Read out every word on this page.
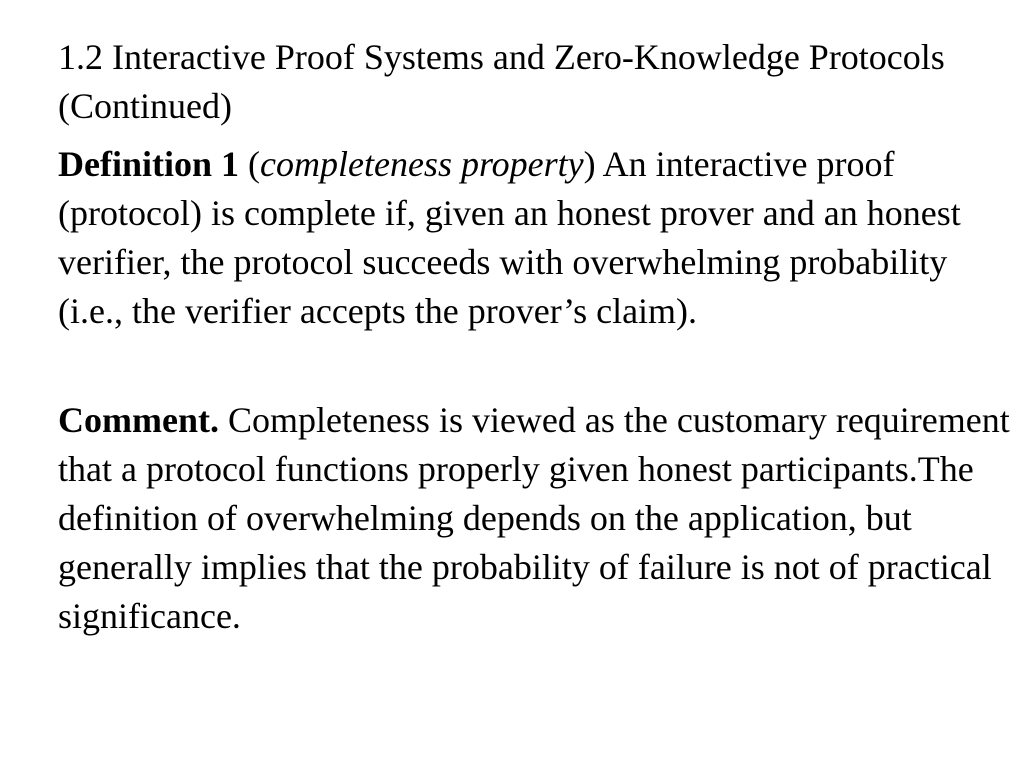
1.2 Interactive Proof Systems and Zero-Knowledge Protocols (Continued)

Definition 1 (completeness property) An interactive proof (protocol) is complete if, given an honest prover and an honest verifier, the protocol succeeds with overwhelming probability (i.e., the verifier accepts the prover’s claim).

Comment. Completeness is viewed as the customary requirement that a protocol functions properly given honest participants.The definition of overwhelming depends on the application, but generally implies that the probability of failure is not of practical significance.
